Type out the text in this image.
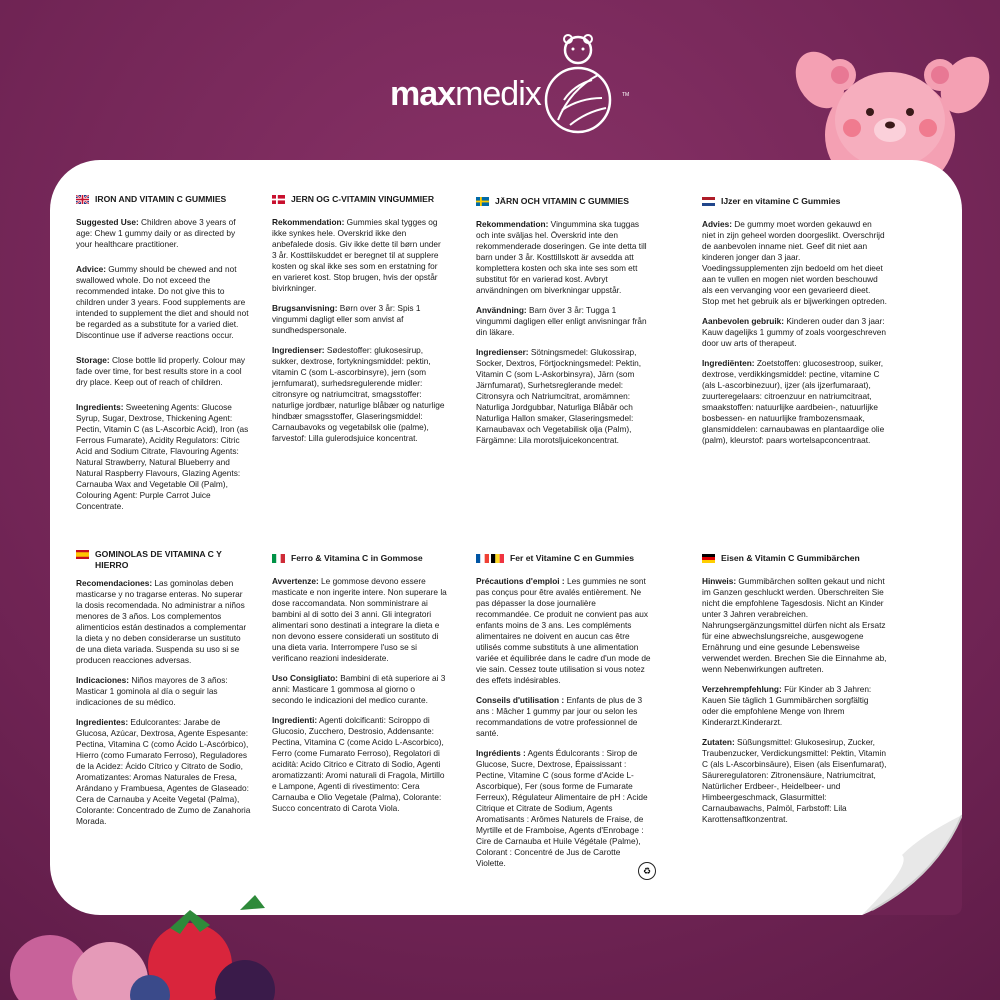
maxmedix	TM
IRON AND VITAMIN C GUMMIES

Suggested Use: Children above 3 years of age: Chew 1 gummy daily or as directed by your healthcare practitioner.

Advice: Gummy should be chewed and not swallowed whole. Do not exceed the recommended intake. Do not give this to children under 3 years. Food supplements are intended to supplement the diet and should not be regarded as a substitute for a varied diet. Discontinue use if adverse reactions occur.

Storage: Close bottle lid properly. Colour may fade over time, for best results store in a cool dry place. Keep out of reach of children.

Ingredients: Sweetening Agents: Glucose Syrup, Sugar, Dextrose, Thickening Agent: Pectin, Vitamin C (as L-Ascorbic Acid), Iron (as Ferrous Fumarate), Acidity Regulators: Citric Acid and Sodium Citrate, Flavouring Agents: Natural Strawberry, Natural Blueberry and Natural Raspberry Flavours, Glazing Agents: Carnauba Wax and Vegetable Oil (Palm), Colouring Agent: Purple Carrot Juice Concentrate.

JERN OG C-VITAMIN VINGUMMIER

Rekommendation: Gummies skal tygges og ikke synkes hele. Overskrid ikke den anbefalede dosis. Giv ikke dette til børn under 3 år. Kosttilskuddet er beregnet til at supplere kosten og skal ikke ses som en erstatning for en varieret kost. Stop brugen, hvis der opstår bivirkninger.

Brugsanvisning: Børn over 3 år: Spis 1 vingummi dagligt eller som anvist af sundhedspersonale.

Ingredienser: Sødestoffer: glukosesirup, sukker, dextrose, fortykningsmiddel: pektin, vitamin C (som L-ascorbinsyre), jern (som jernfumarat), surhedsregulerende midler: citronsyre og natriumcitrat, smagsstoffer: naturlige jordbær, naturlige blåbær og naturlige hindbær smagsstoffer, Glaseringsmiddel: Carnaubavoks og vegetabilsk olie (palme), farvestof: Lilla gulerodsjuice koncentrat.

JÄRN OCH VITAMIN C GUMMIES

Rekommendation: Vingummina ska tuggas och inte sväljas hel. Överskrid inte den rekommenderade doseringen. Ge inte detta till barn under 3 år. Kosttillskott är avsedda att komplettera kosten och ska inte ses som ett substitut för en varierad kost. Avbryt användningen om biverkningar uppstår.

Användning: Barn över 3 år: Tugga 1 vingummi dagligen eller enligt anvisningar från din läkare.

Ingredienser: Sötningsmedel: Glukossirap, Socker, Dextros, Förtjockningsmedel: Pektin, Vitamin C (som L-Askorbinsyra), Järn (som Järnfumarat), Surhetsreglerande medel: Citronsyra och Natriumcitrat, aromämnen: Naturliga Jordgubbar, Naturliga Blåbär och Naturliga Hallon smaker, Glaseringsmedel: Karnaubavax och Vegetabilisk olja (Palm), Färgämne: Lila morotsljuicekoncentrat.

IJzer en vitamine C Gummies

Advies: De gummy moet worden gekauwd en niet in zijn geheel worden doorgeslikt. Overschrijd de aanbevolen inname niet. Geef dit niet aan kinderen jonger dan 3 jaar. Voedingssupplementen zijn bedoeld om het dieet aan te vullen en mogen niet worden beschouwd als een vervanging voor een gevarieerd dieet. Stop met het gebruik als er bijwerkingen optreden.

Aanbevolen gebruik: Kinderen ouder dan 3 jaar: Kauw dagelijks 1 gummy of zoals voorgeschreven door uw arts of therapeut.

Ingrediënten: Zoetstoffen: glucosestroop, suiker, dextrose, verdikkingsmiddel: pectine, vitamine C (als L-ascorbinezuur), ijzer (als ijzerfumaraat), zuurteregelaars: citroenzuur en natriumcitraat, smaakstoffen: natuurlijke aardbeien-, natuurlijke bosbessen- en natuurlijke frambozensmaak, glansmiddelen: carnaubawas en plantaardige olie (palm), kleurstof: paars wortelsapconcentraat.

GOMINOLAS DE VITAMINA C Y HIERRO

Recomendaciones: Las gominolas deben masticarse y no tragarse enteras. No superar la dosis recomendada. No administrar a niños menores de 3 años. Los complementos alimenticios están destinados a complementar la dieta y no deben considerarse un sustituto de una dieta variada. Suspenda su uso si se producen reacciones adversas.

Indicaciones: Niños mayores de 3 años: Masticar 1 gominola al día o seguir las indicaciones de su médico.

Ingredientes: Edulcorantes: Jarabe de Glucosa, Azúcar, Dextrosa, Agente Espesante: Pectina, Vitamina C (como Ácido L-Ascórbico), Hierro (como Fumarato Ferroso), Reguladores de la Acidez: Ácido Cítrico y Citrato de Sodio, Aromatizantes: Aromas Naturales de Fresa, Arándano y Frambuesa, Agentes de Glaseado: Cera de Carnauba y Aceite Vegetal (Palma), Colorante: Concentrado de Zumo de Zanahoria Morada.

Ferro & Vitamina C in Gommose

Avvertenze: Le gommose devono essere masticate e non ingerite intere. Non superare la dose raccomandata. Non somministrare ai bambini al di sotto dei 3 anni. Gli integratori alimentari sono destinati a integrare la dieta e non devono essere considerati un sostituto di una dieta varia. Interrompere l'uso se si verificano reazioni indesiderate.

Uso Consigliato: Bambini di età superiore ai 3 anni: Masticare 1 gommosa al giorno o secondo le indicazioni del medico curante.

Ingredienti: Agenti dolcificanti: Sciroppo di Glucosio, Zucchero, Destrosio, Addensante: Pectina, Vitamina C (come Acido L-Ascorbico), Ferro (come Fumarato Ferroso), Regolatori di acidità: Acido Citrico e Citrato di Sodio, Agenti aromatizzanti: Aromi naturali di Fragola, Mirtillo e Lampone, Agenti di rivestimento: Cera Carnauba e Olio Vegetale (Palma), Colorante: Succo concentrato di Carota Viola.

Fer et Vitamine C en Gummies

Précautions d'emploi : Les gummies ne sont pas conçus pour être avalés entièrement. Ne pas dépasser la dose journalière recommandée. Ce produit ne convient pas aux enfants moins de 3 ans. Les compléments alimentaires ne doivent en aucun cas être utilisés comme substituts à une alimentation variée et équilibrée dans le cadre d'un mode de vie sain. Cessez toute utilisation si vous notez des effets indésirables.

Conseils d'utilisation : Enfants de plus de 3 ans : Mâcher 1 gummy par jour ou selon les recommandations de votre professionnel de santé.

Ingrédients : Agents Édulcorants : Sirop de Glucose, Sucre, Dextrose, Épaississant : Pectine, Vitamine C (sous forme d'Acide L-Ascorbique), Fer (sous forme de Fumarate Ferreux), Régulateur Alimentaire de pH : Acide Citrique et Citrate de Sodium, Agents Aromatisants : Arômes Naturels de Fraise, de Myrtille et de Framboise, Agents d'Enrobage : Cire de Carnauba et Huile Végétale (Palme), Colorant : Concentré de Jus de Carotte Violette.

♻
Eisen & Vitamin C Gummibärchen

Hinweis: Gummibärchen sollten gekaut und nicht im Ganzen geschluckt werden. Überschreiten Sie nicht die empfohlene Tagesdosis. Nicht an Kinder unter 3 Jahren verabreichen. Nahrungsergänzungsmittel dürfen nicht als Ersatz für eine abwechslungsreiche, ausgewogene Ernährung und eine gesunde Lebensweise verwendet werden. Brechen Sie die Einnahme ab, wenn Nebenwirkungen auftreten.

Verzehrempfehlung: Für Kinder ab 3 Jahren: Kauen Sie täglich 1 Gummibärchen sorgfältig oder die empfohlene Menge von Ihrem Kinderarzt.Kinderarzt.

Zutaten: Süßungsmittel: Glukosesirup, Zucker, Traubenzucker, Verdickungsmittel: Pektin, Vitamin C (als L-Ascorbinsäure), Eisen (als Eisenfumarat), Säureregulatoren: Zitronensäure, Natriumcitrat, Natürlicher Erdbeer-, Heidelbeer- und Himbeergeschmack, Glasurmittel: Carnaubawachs, Palmöl, Farbstoff: Lila Karottensaftkonzentrat.
